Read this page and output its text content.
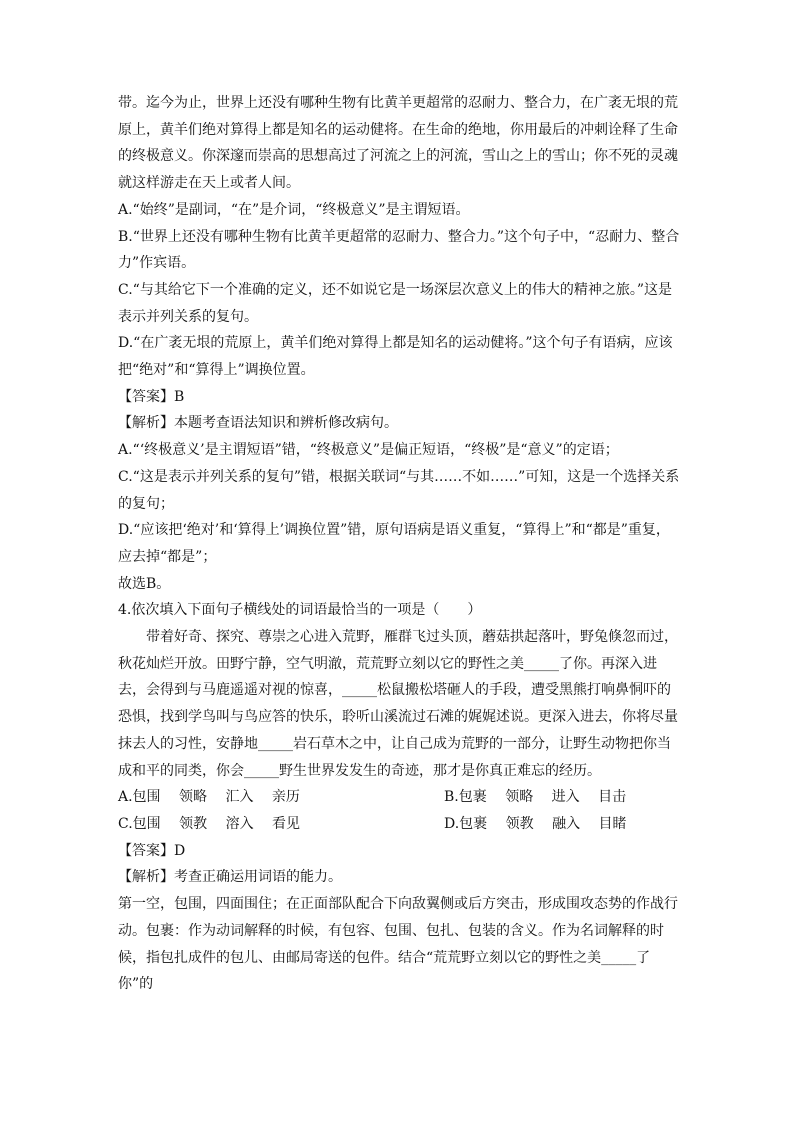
带。迄今为止，世界上还没有哪种生物有比黄羊更超常的忍耐力、整合力，在广袤无垠的荒原上，黄羊们绝对算得上都是知名的运动健将。在生命的绝地，你用最后的冲刺诠释了生命的终极意义。你深邃而崇高的思想高过了河流之上的河流，雪山之上的雪山；你不死的灵魂就这样游走在天上或者人间。

A.“始终”是副词，“在”是介词，“终极意义”是主谓短语。

B.“世界上还没有哪种生物有比黄羊更超常的忍耐力、整合力。”这个句子中，“忍耐力、整合力”作宾语。

C.“与其给它下一个准确的定义，还不如说它是一场深层次意义上的伟大的精神之旅。”这是表示并列关系的复句。

D.“在广袤无垠的荒原上，黄羊们绝对算得上都是知名的运动健将。”这个句子有语病，应该把“绝对”和“算得上”调换位置。

【答案】B

【解析】本题考查语法知识和辨析修改病句。

A.“‘终极意义’是主谓短语”错，“终极意义”是偏正短语，“终极”是“意义”的定语；

C.“这是表示并列关系的复句”错，根据关联词“与其……不如……”可知，这是一个选择关系的复句；

D.“应该把‘绝对’和‘算得上’调换位置”错，原句语病是语义重复，“算得上”和“都是”重复，应去掉“都是”；

故选B。

4.依次填入下面句子横线处的词语最恰当的一项是（　　）

带着好奇、探究、尊崇之心进入荒野，雁群飞过头顶，蘑菇拱起落叶，野兔倏忽而过，秋花灿烂开放。田野宁静，空气明澈，荒荒野立刻以它的野性之美_____了你。再深入进去，会得到与马鹿遥遥对视的惊喜，_____松鼠搬松塔砸人的手段，遭受黑熊打响鼻恫吓的恐惧，找到学鸟叫与鸟应答的快乐，聆听山溪流过石滩的娓娓述说。更深入进去，你将尽量抹去人的习性，安静地_____岩石草木之中，让自己成为荒野的一部分，让野生动物把你当成和平的同类，你会_____野生世界发发生的奇迹，那才是你真正难忘的经历。

A.包围　 领略　 汇入　 亲历	B.包裹　 领略　 进入　 目击
C.包围　 领教　 溶入　 看见	D.包裹　 领教　 融入　 目睹

【答案】D

【解析】考查正确运用词语的能力。

第一空，包围，四面围住；在正面部队配合下向敌翼侧或后方突击，形成围攻态势的作战行动。包裹：作为动词解释的时候，有包容、包围、包扎、包装的含义。作为名词解释的时候，指包扎成件的包儿、由邮局寄送的包件。结合“荒荒野立刻以它的野性之美_____了你”的
